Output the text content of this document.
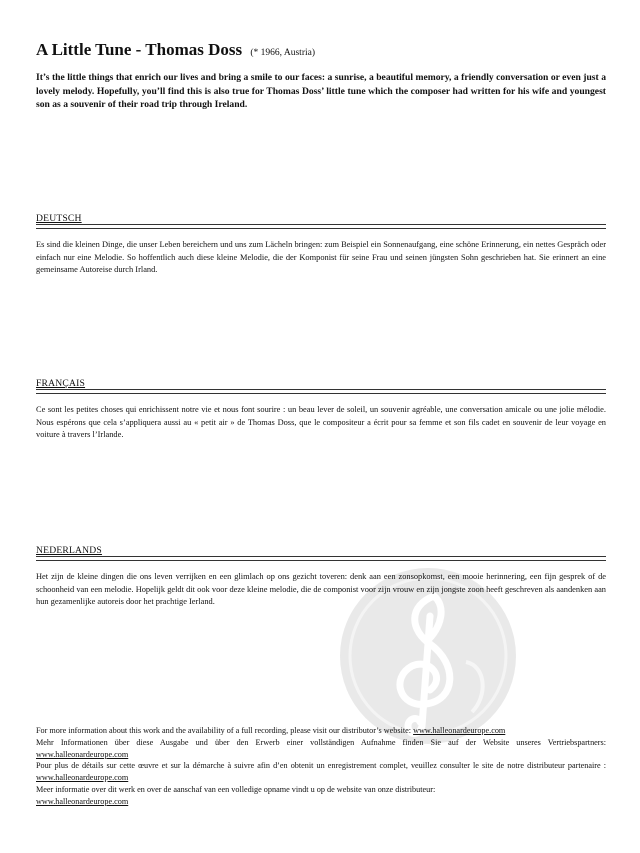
A Little Tune - Thomas Doss (* 1966, Austria)
It’s the little things that enrich our lives and bring a smile to our faces: a sunrise, a beautiful memory, a friendly conversation or even just a lovely melody. Hopefully, you’ll find this is also true for Thomas Doss’ little tune which the composer had written for his wife and youngest son as a souvenir of their road trip through Ireland.
DEUTSCH
Es sind die kleinen Dinge, die unser Leben bereichern und uns zum Lächeln bringen: zum Beispiel ein Sonnenaufgang, eine schöne Erinnerung, ein nettes Gespräch oder einfach nur eine Melodie. So hoffentlich auch diese kleine Melodie, die der Komponist für seine Frau und seinen jüngsten Sohn geschrieben hat. Sie erinnert an eine gemeinsame Autoreise durch Irland.
FRANÇAIS
Ce sont les petites choses qui enrichissent notre vie et nous font sourire : un beau lever de soleil, un souvenir agréable, une conversation amicale ou une jolie mélodie. Nous espérons que cela s’appliquera aussi au « petit air » de Thomas Doss, que le compositeur a écrit pour sa femme et son fils cadet en souvenir de leur voyage en voiture à travers l’Irlande.
NEDERLANDS
Het zijn de kleine dingen die ons leven verrijken en een glimlach op ons gezicht toveren: denk aan een zonsopkomst, een mooie herinnering, een fijn gesprek of de schoonheid van een melodie. Hopelijk geldt dit ook voor deze kleine melodie, die de componist voor zijn vrouw en zijn jongste zoon heeft geschreven als aandenken aan hun gezamenlijke autoreis door het prachtige Ierland.

For more information about this work and the availability of a full recording, please visit our distributor’s website: www.halleonardeurope.com

Mehr Informationen über diese Ausgabe und über den Erwerb einer vollständigen Aufnahme finden Sie auf der Website unseres Vertriebspartners: www.halleonardeurope.com

Pour plus de détails sur cette œuvre et sur la démarche à suivre afin d’en obtenit un enregistrement complet, veuillez consulter le site de notre distributeur partenaire : www.halleonardeurope.com

Meer informatie over dit werk en over de aanschaf van een volledige opname vindt u op de website van onze distributeur:
www.halleonardeurope.com
